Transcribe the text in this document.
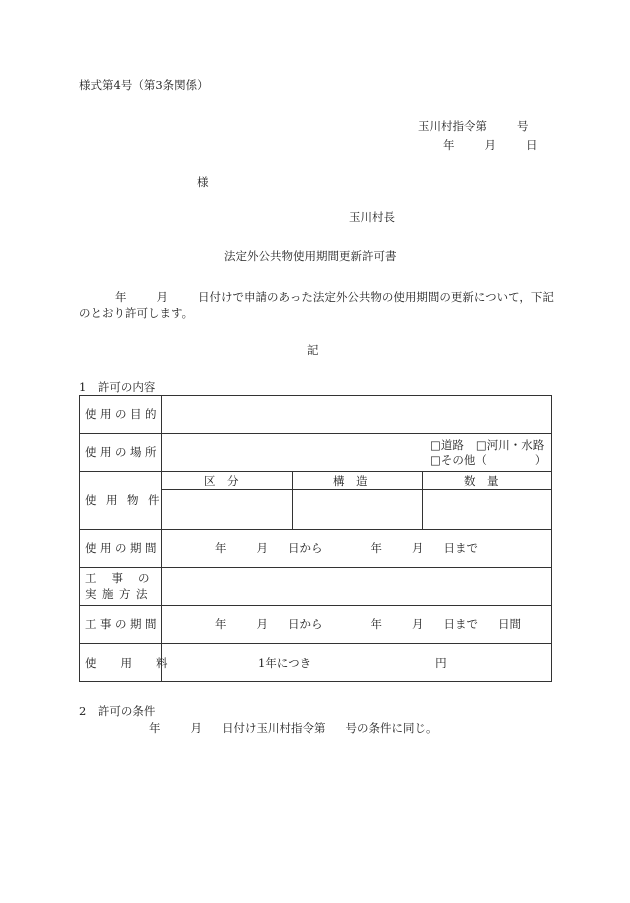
様式第4号（第3条関係）
玉川村指令第	号
年	月	日
様
玉川村長
法定外公共物使用期間更新許可書
年	月	日付けで申請のあった法定外公共物の使用期間の更新について，下記
のとおり許可します。
記
1　許可の内容
使用の目的
使用の場所	□道路 □河川・水路
□その他（	）
使用物件
区　分	構　造	数　量
使用の期間	年	月 日から	年	月 日まで
工事の
実施方法
工事の期間	年	月 日から	年	月 日まで 日間
使用料	1年につき	円
2　許可の条件
年	月 日付け玉川村指令第 号の条件に同じ。
